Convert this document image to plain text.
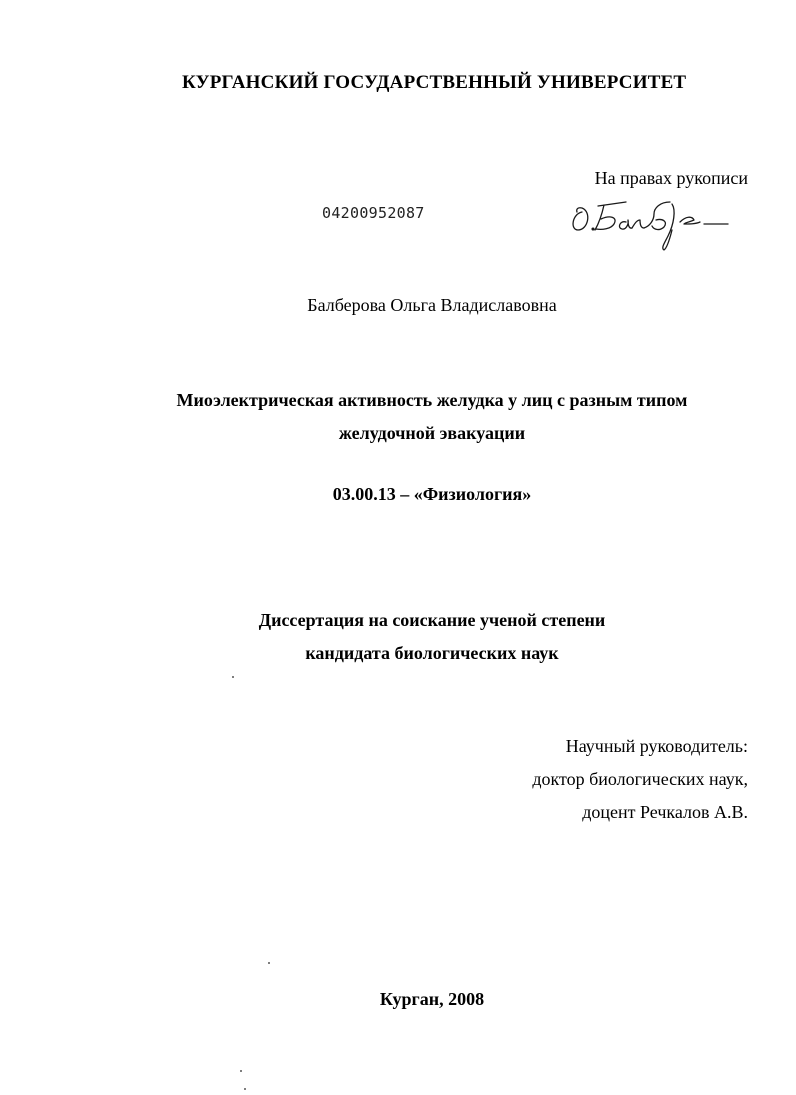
КУРГАНСКИЙ ГОСУДАРСТВЕННЫЙ УНИВЕРСИТЕТ
На правах рукописи
04200952087
Балберова Ольга Владиславовна
Миоэлектрическая активность желудка у лиц с разным типом
желудочной эвакуации
03.00.13 – «Физиология»
Диссертация на соискание ученой степени
кандидата биологических наук
Научный руководитель:
доктор биологических наук,
доцент Речкалов А.В.
Курган, 2008
